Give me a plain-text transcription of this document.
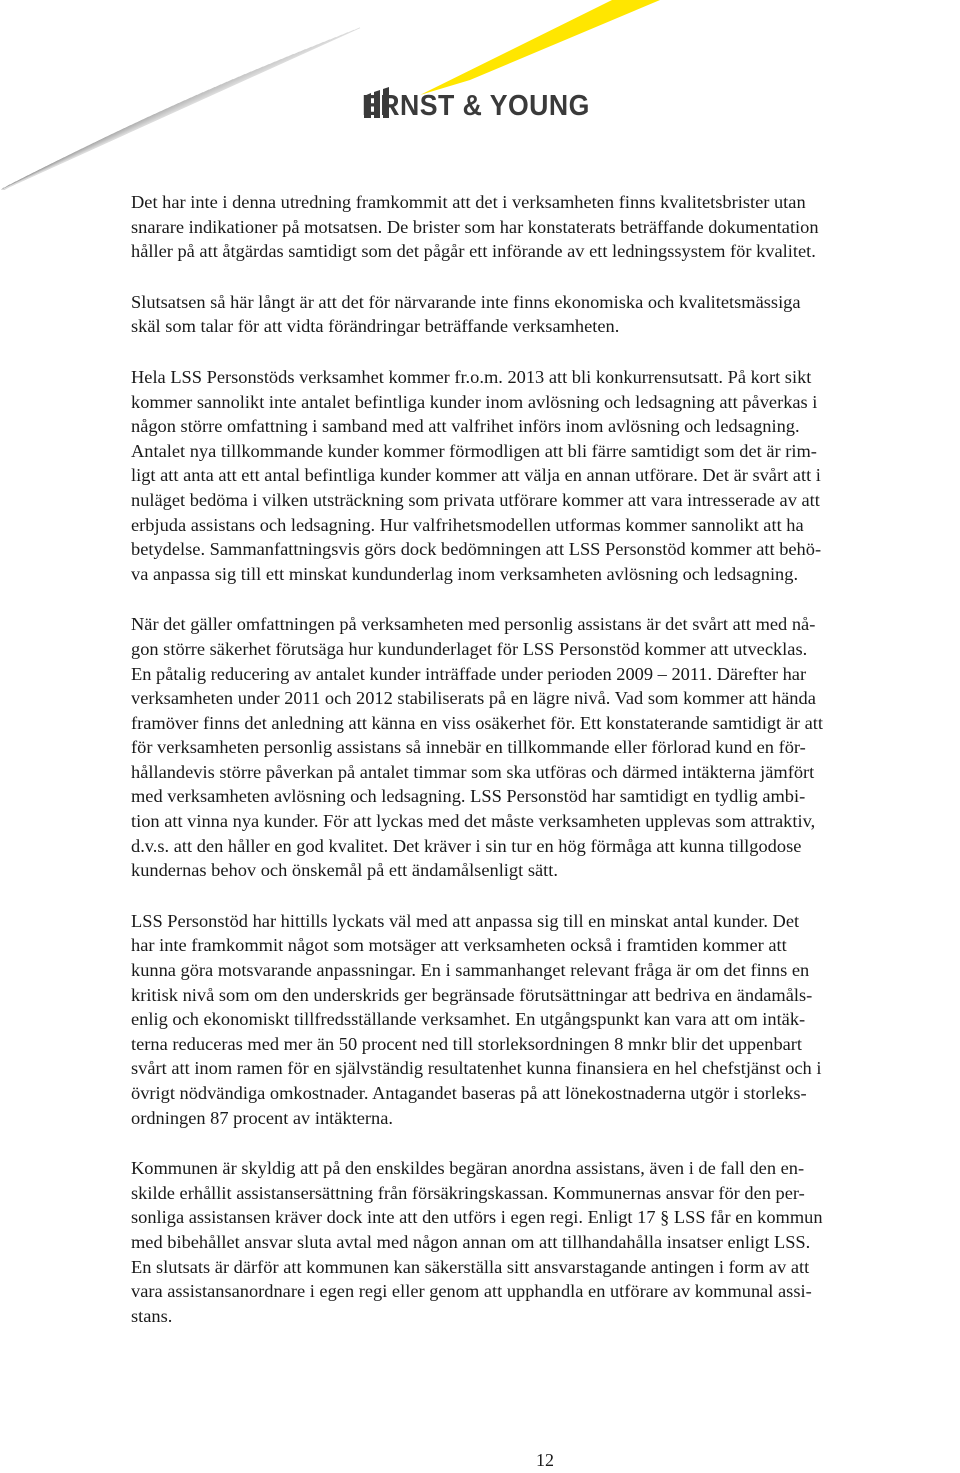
ERNST & YOUNG

Det har inte i denna utredning framkommit att det i verksamheten finns kvalitetsbrister utan
snarare indikationer på motsatsen. De brister som har konstaterats beträffande dokumentation
håller på att åtgärdas samtidigt som det pågår ett införande av ett ledningssystem för kvalitet.

Slutsatsen så här långt är att det för närvarande inte finns ekonomiska och kvalitetsmässiga
skäl som talar för att vidta förändringar beträffande verksamheten.

Hela LSS Personstöds verksamhet kommer fr.o.m. 2013 att bli konkurrensutsatt. På kort sikt
kommer sannolikt inte antalet befintliga kunder inom avlösning och ledsagning att påverkas i
någon större omfattning i samband med att valfrihet införs inom avlösning och ledsagning.
Antalet nya tillkommande kunder kommer förmodligen att bli färre samtidigt som det är rim-
ligt att anta att ett antal befintliga kunder kommer att välja en annan utförare. Det är svårt att i
nuläget bedöma i vilken utsträckning som privata utförare kommer att vara intresserade av att
erbjuda assistans och ledsagning. Hur valfrihetsmodellen utformas kommer sannolikt att ha
betydelse. Sammanfattningsvis görs dock bedömningen att LSS Personstöd kommer att behö-
va anpassa sig till ett minskat kundunderlag inom verksamheten avlösning och ledsagning.

När det gäller omfattningen på verksamheten med personlig assistans är det svårt att med nå-
gon större säkerhet förutsäga hur kundunderlaget för LSS Personstöd kommer att utvecklas.
En påtalig reducering av antalet kunder inträffade under perioden 2009 – 2011. Därefter har
verksamheten under 2011 och 2012 stabiliserats på en lägre nivå. Vad som kommer att hända
framöver finns det anledning att känna en viss osäkerhet för. Ett konstaterande samtidigt är att
för verksamheten personlig assistans så innebär en tillkommande eller förlorad kund en för-
hållandevis större påverkan på antalet timmar som ska utföras och därmed intäkterna jämfört
med verksamheten avlösning och ledsagning. LSS Personstöd har samtidigt en tydlig ambi-
tion att vinna nya kunder. För att lyckas med det måste verksamheten upplevas som attraktiv,
d.v.s. att den håller en god kvalitet. Det kräver i sin tur en hög förmåga att kunna tillgodose
kundernas behov och önskemål på ett ändamålsenligt sätt.

LSS Personstöd har hittills lyckats väl med att anpassa sig till en minskat antal kunder. Det
har inte framkommit något som motsäger att verksamheten också i framtiden kommer att
kunna göra motsvarande anpassningar. En i sammanhanget relevant fråga är om det finns en
kritisk nivå som om den underskrids ger begränsade förutsättningar att bedriva en ändamåls-
enlig och ekonomiskt tillfredsställande verksamhet. En utgångspunkt kan vara att om intäk-
terna reduceras med mer än 50 procent ned till storleksordningen 8 mnkr blir det uppenbart
svårt att inom ramen för en självständig resultatenhet kunna finansiera en hel chefstjänst och i
övrigt nödvändiga omkostnader. Antagandet baseras på att lönekostnaderna utgör i storleks-
ordningen 87 procent av intäkterna.

Kommunen är skyldig att på den enskildes begäran anordna assistans, även i de fall den en-
skilde erhållit assistansersättning från försäkringskassan. Kommunernas ansvar för den per-
sonliga assistansen kräver dock inte att den utförs i egen regi. Enligt 17 § LSS får en kommun
med bibehållet ansvar sluta avtal med någon annan om att tillhandahålla insatser enligt LSS.
En slutsats är därför att kommunen kan säkerställa sitt ansvarstagande antingen i form av att
vara assistansanordnare i egen regi eller genom att upphandla en utförare av kommunal assi-
stans.

12
